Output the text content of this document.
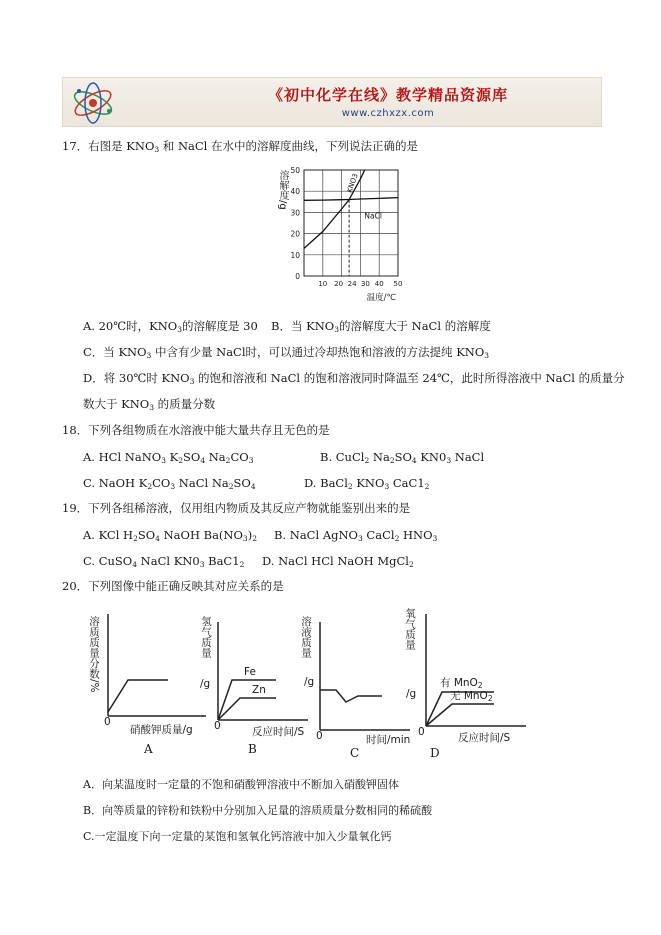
《初中化学在线》教学精品资源库
www.czhxzx.com
17．右图是 $KNO_3$ 和 NaCl 在水中的溶解度曲线，下列说法正确的是
溶解度/g
0
10
20
30
40
50
10 20 24 30 40 50
温度/℃
KNO3
NaCl
A. 20℃时，$KNO_3$的溶解度是 30 B．当 $KNO_3$的溶解度大于 NaCl 的溶解度
C．当 $KNO_3$ 中含有少量 NaCl时，可以通过冷却热饱和溶液的方法提纯 $KNO_3$
D．将 30℃时 $KNO_3$ 的饱和溶液和 NaCl 的饱和溶液同时降温至 24℃，此时所得溶液中 NaCl 的质量分
数大于 $KNO_3$ 的质量分数
18．下列各组物质在水溶液中能大量共存且无色的是
A. HCl NaNO$_3$ $K_2SO_4$ $Na_2CO_3$	B. CuCl$_2$ $Na_2SO_4$ $KN0_3$ NaCl
C. NaOH $K_2CO_3$ NaCl $Na_2SO_4$	D. BaCl$_2$ $KNO_3$ $CaC1_2$
19．下列各组稀溶液，仅用组内物质及其反应产物就能鉴别出来的是
A. KCl $H_2SO_4$ NaOH $Ba(NO_3)_2$ B. NaCl AgNO$_3$ CaCl$_2$ $HNO_3$
C. CuSO$_4$ NaCl $KN0_3$ $BaC1_2$ D. NaCl HCl NaOH MgCl$_2$
20．下列图像中能正确反映其对应关系的是
溶质质量分数/%
0
硝酸钾质量/g
A
氢气质量
/g
Fe
Zn
0	反应时间/S
B
溶液质量
/g
0	时间/min
C
氧气质量
/g
有 MnO$_2$
无 MnO$_2$
0	反应时间/S
D
A．向某温度时一定量的不饱和硝酸钾溶液中不断加入硝酸钾固体
B．向等质量的锌粉和铁粉中分别加入足量的溶质质量分数相同的稀硫酸
C.一定温度下向一定量的某饱和氢氧化钙溶液中加入少量氧化钙
